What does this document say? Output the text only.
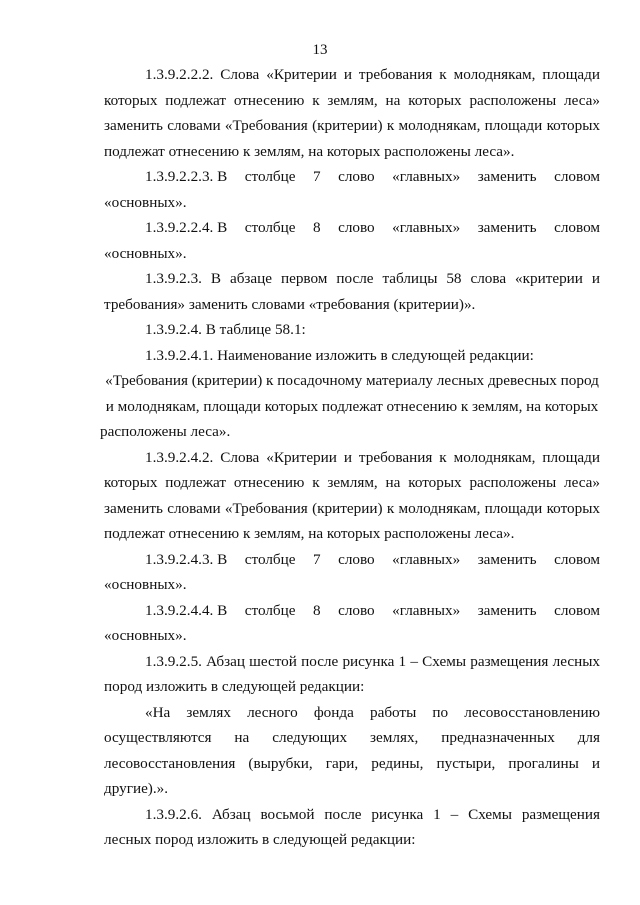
13

1.3.9.2.2.2. Слова «Критерии и требования к молоднякам, площади которых подлежат отнесению к землям, на которых расположены леса» заменить словами «Требования (критерии) к молоднякам, площади которых подлежат отнесению к землям, на которых расположены леса».

1.3.9.2.2.3. В столбце 7 слово «главных» заменить словом
«основных».
1.3.9.2.2.4. В столбце 8 слово «главных» заменить словом
«основных».

1.3.9.2.3. В абзаце первом после таблицы 58 слова «критерии и требования» заменить словами «требования (критерии)».

1.3.9.2.4. В таблице 58.1:

1.3.9.2.4.1. Наименование изложить в следующей редакции:

«Требования (критерии) к посадочному материалу лесных древесных пород и молоднякам, площади которых подлежат отнесению к землям, на которых расположены леса».

1.3.9.2.4.2. Слова «Критерии и требования к молоднякам, площади которых подлежат отнесению к землям, на которых расположены леса» заменить словами «Требования (критерии) к молоднякам, площади которых подлежат отнесению к землям, на которых расположены леса».

1.3.9.2.4.3. В столбце 7 слово «главных» заменить словом
«основных».
1.3.9.2.4.4. В столбце 8 слово «главных» заменить словом
«основных».

1.3.9.2.5. Абзац шестой после рисунка 1 – Схемы размещения лесных пород изложить в следующей редакции:

«На землях лесного фонда работы по лесовосстановлению осуществляются на следующих землях, предназначенных для лесовосстановления (вырубки, гари, редины, пустыри, прогалины и другие).».

1.3.9.2.6. Абзац восьмой после рисунка 1 – Схемы размещения лесных пород изложить в следующей редакции:
